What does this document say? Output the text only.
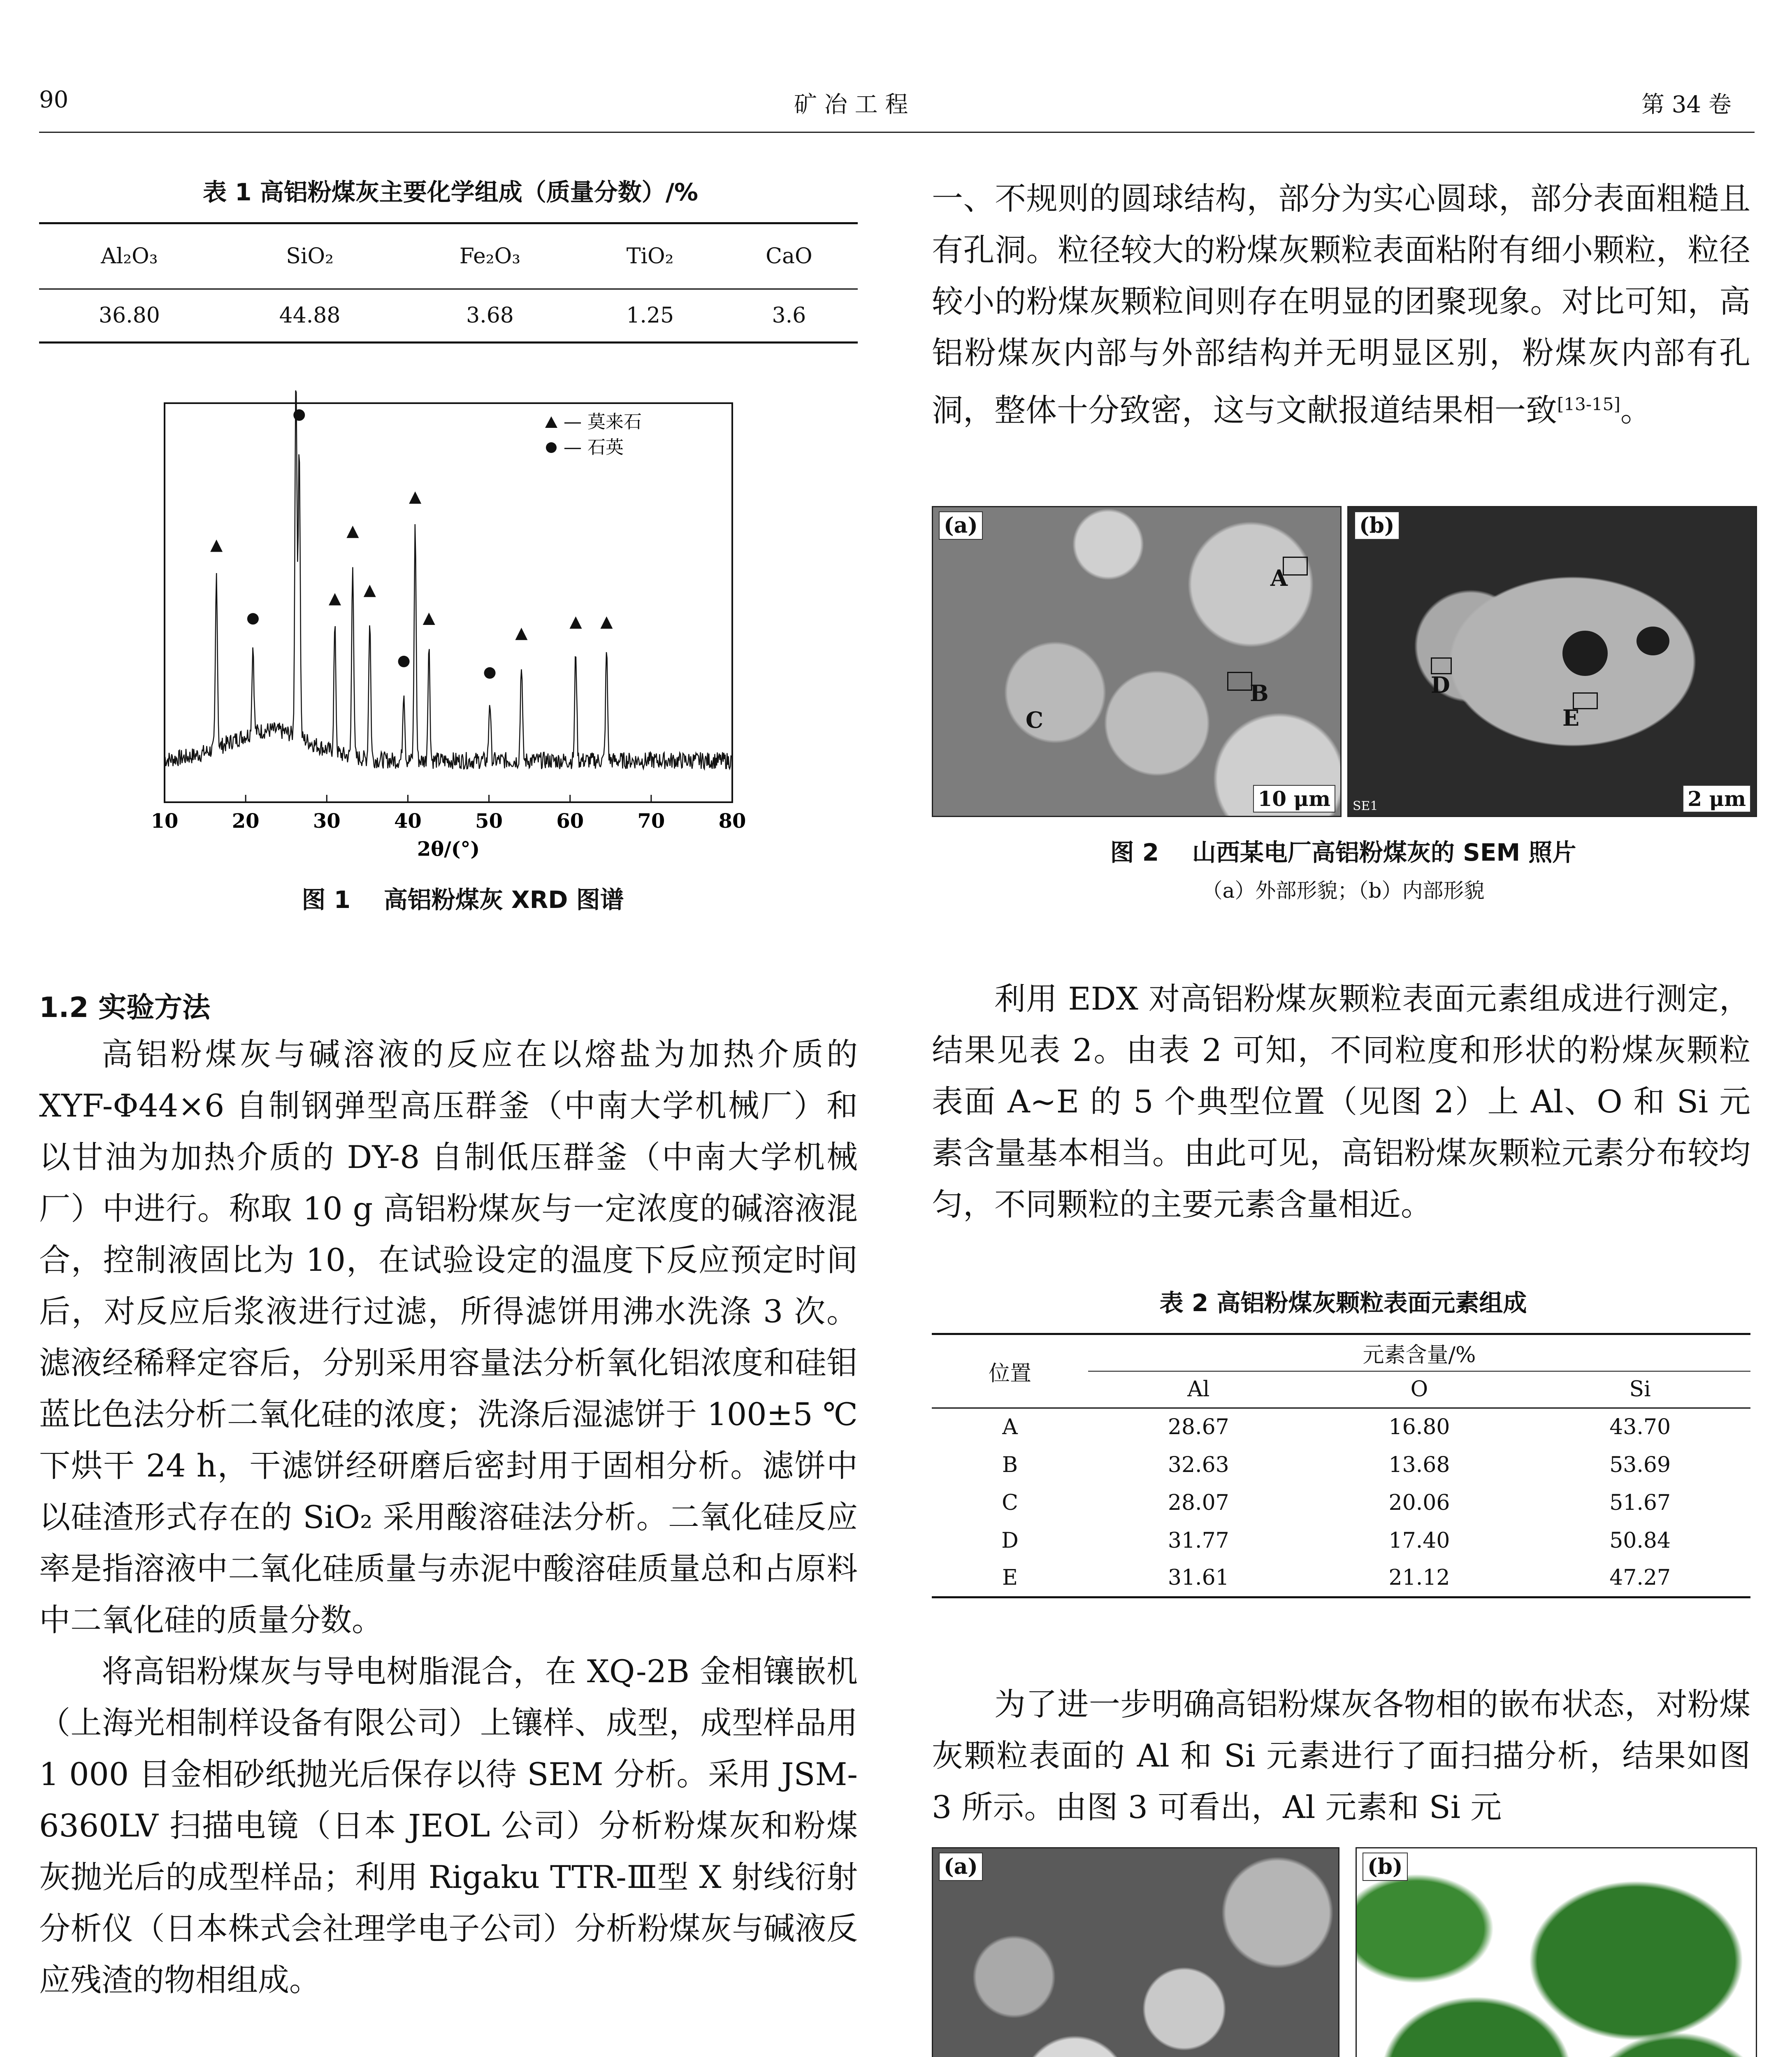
90	矿 冶 工 程	第 34 卷
表 1 高铝粉煤灰主要化学组成（质量分数）/%
Al₂O₃	SiO₂	Fe₂O₃	TiO₂	CaO
36.80	44.88	3.68	1.25	3.6
— 莫来石
— 石英
10	20	30	40	50	60	70	80
2θ/(°)
图 1    高铝粉煤灰 XRD 图谱
1.2 实验方法

高铝粉煤灰与碱溶液的反应在以熔盐为加热介质的 XYF-Φ44×6 自制钢弹型高压群釜（中南大学机械厂）和以甘油为加热介质的 DY-8 自制低压群釜（中南大学机械厂）中进行。称取 10 g 高铝粉煤灰与一定浓度的碱溶液混合，控制液固比为 10，在试验设定的温度下反应预定时间后，对反应后浆液进行过滤，所得滤饼用沸水洗涤 3 次。滤液经稀释定容后，分别采用容量法分析氧化铝浓度和硅钼蓝比色法分析二氧化硅的浓度；洗涤后湿滤饼于 100±5 ℃ 下烘干 24 h，干滤饼经研磨后密封用于固相分析。滤饼中以硅渣形式存在的 SiO₂ 采用酸溶硅法分析。二氧化硅反应率是指溶液中二氧化硅质量与赤泥中酸溶硅质量总和占原料中二氧化硅的质量分数。

将高铝粉煤灰与导电树脂混合，在 XQ-2B 金相镶嵌机（上海光相制样设备有限公司）上镶样、成型，成型样品用 1 000 目金相砂纸抛光后保存以待 SEM 分析。采用 JSM-6360LV 扫描电镜（日本 JEOL 公司）分析粉煤灰和粉煤灰抛光后的成型样品；利用 Rigaku TTR-Ⅲ型 X 射线衍射分析仪（日本株式会社理学电子公司）分析粉煤灰与碱液反应残渣的物相组成。

一、不规则的圆球结构，部分为实心圆球，部分表面粗糙且有孔洞。粒径较大的粉煤灰颗粒表面粘附有细小颗粒，粒径较小的粉煤灰颗粒间则存在明显的团聚现象。对比可知，高铝粉煤灰内部与外部结构并无明显区别，粉煤灰内部有孔洞，整体十分致密，这与文献报道结果相一致[13-15]。

(a)
A
B
C
10 μm
(b)
D
E
SE1	2 μm
图 2    山西某电厂高铝粉煤灰的 SEM 照片
（a）外部形貌；（b）内部形貌

利用 EDX 对高铝粉煤灰颗粒表面元素组成进行测定，结果见表 2。由表 2 可知，不同粒度和形状的粉煤灰颗粒表面 A~E 的 5 个典型位置（见图 2）上 Al、O 和 Si 元素含量基本相当。由此可见，高铝粉煤灰颗粒元素分布较均匀，不同颗粒的主要元素含量相近。

表 2 高铝粉煤灰颗粒表面元素组成
位置	元素含量/%		
	Al	O	Si
A	28.67	16.80	43.70
B	32.63	13.68	53.69
C	28.07	20.06	51.67
D	31.77	17.40	50.84
E	31.61	21.12	47.27

为了进一步明确高铝粉煤灰各物相的嵌布状态，对粉煤灰颗粒表面的 Al 和 Si 元素进行了面扫描分析，结果如图 3 所示。由图 3 可看出，Al 元素和 Si 元

(a)	(b)
